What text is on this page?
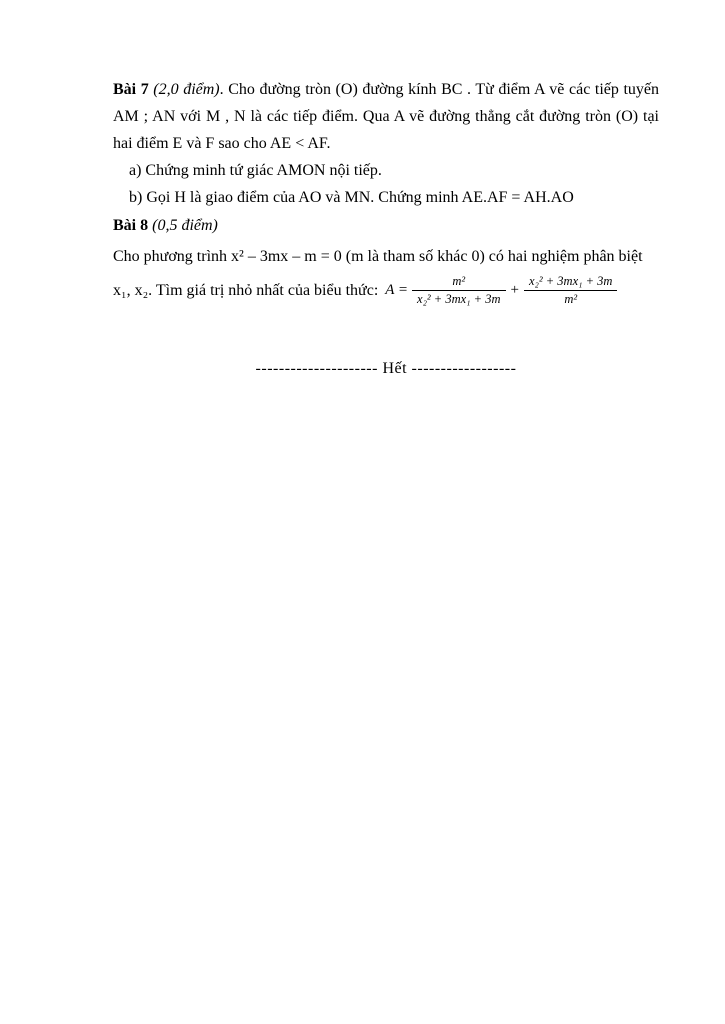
Bài 7 (2,0 điểm). Cho đường tròn (O) đường kính BC . Từ điểm A vẽ các tiếp tuyến AM ; AN với M , N là các tiếp điểm. Qua A vẽ đường thẳng cắt đường tròn (O) tại hai điểm E và F sao cho AE < AF.

a) Chứng minh tứ giác AMON nội tiếp.

b) Gọi H là giao điểm của AO và MN. Chứng minh AE.AF = AH.AO

Bài 8 (0,5 điểm)

Cho phương trình x² – 3mx – m = 0 (m là tham số khác 0) có hai nghiệm phân biệt

x₁, x₂. Tìm giá trị nhỏ nhất của biểu thức: $A = \frac{\text{m²}}{\text{x₂² + 3mx₁ + 3m}} + \frac{\text{x₂² + 3mx₁ + 3m}}{\text{m²}}$

--------------------- Hết ------------------
